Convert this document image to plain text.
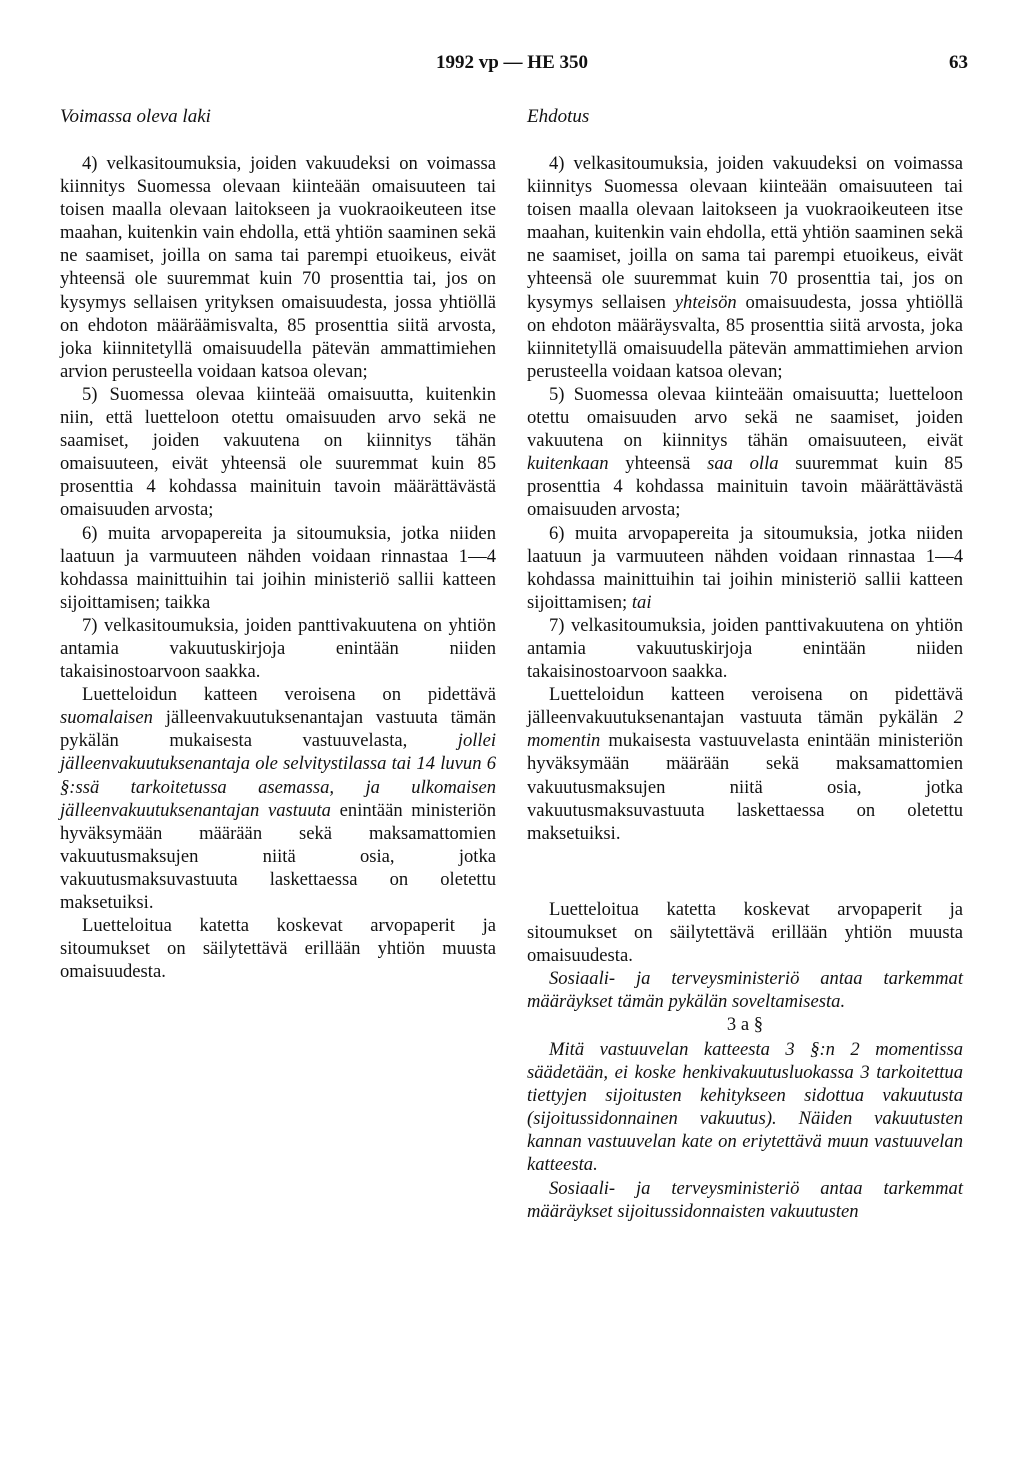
1992 vp — HE 350	63
Voimassa oleva laki	Ehdotus

4) velkasitoumuksia, joiden vakuudeksi on voimassa kiinnitys Suomessa olevaan kiinteään omaisuuteen tai toisen maalla olevaan laitokseen ja vuokraoikeuteen itse maahan, kuitenkin vain ehdolla, että yhtiön saaminen sekä ne saamiset, joilla on sama tai parempi etuoikeus, eivät yhteensä ole suuremmat kuin 70 prosenttia tai, jos on kysymys sellaisen yrityksen omaisuudesta, jossa yhtiöllä on ehdoton määräämisvalta, 85 prosenttia siitä arvosta, joka kiinnitetyllä omaisuudella pätevän ammattimiehen arvion perusteella voidaan katsoa olevan;

5) Suomessa olevaa kiinteää omaisuutta, kuitenkin niin, että luetteloon otettu omaisuuden arvo sekä ne saamiset, joiden vakuutena on kiinnitys tähän omaisuuteen, eivät yhteensä ole suuremmat kuin 85 prosenttia 4 kohdassa mainituin tavoin määrättävästä omaisuuden arvosta;

6) muita arvopapereita ja sitoumuksia, jotka niiden laatuun ja varmuuteen nähden voidaan rinnastaa 1—4 kohdassa mainittuihin tai joihin ministeriö sallii katteen sijoittamisen; taikka

7) velkasitoumuksia, joiden panttivakuutena on yhtiön antamia vakuutuskirjoja enintään niiden takaisinostoarvoon saakka.

Luetteloidun katteen veroisena on pidettävä suomalaisen jälleenvakuutuksenantajan vastuuta tämän pykälän mukaisesta vastuuvelasta,	jollei jälleenvakuutuksenantaja ole selvitystilassa tai 14 luvun 6 §:ssä tarkoitetussa asemassa, ja ulkomaisen jälleenvakuutuksenantajan vastuuta enintään ministeriön hyväksymään määrään sekä maksamattomien vakuutusmaksujen niitä osia, jotka vakuutusmaksuvastuuta laskettaessa on oletettu maksetuiksi.

Luetteloitua katetta koskevat arvopaperit ja sitoumukset on säilytettävä erillään yhtiön muusta omaisuudesta.

4) velkasitoumuksia, joiden vakuudeksi on voimassa kiinnitys Suomessa olevaan kiinteään omaisuuteen tai toisen maalla olevaan laitokseen ja vuokraoikeuteen itse maahan, kuitenkin vain ehdolla, että yhtiön saaminen sekä ne saamiset, joilla on sama tai parempi etuoikeus, eivät yhteensä ole suuremmat kuin 70 prosenttia tai, jos on kysymys sellaisen yhteisön omaisuudesta, jossa yhtiöllä on ehdoton määräysvalta, 85 prosenttia siitä arvosta, joka kiinnitetyllä omaisuudella pätevän ammattimiehen arvion perusteella voidaan katsoa olevan;

5) Suomessa olevaa kiinteään omaisuutta; luetteloon otettu omaisuuden arvo sekä ne saamiset, joiden vakuutena on kiinnitys tähän omaisuuteen, eivät kuitenkaan yhteensä saa olla suuremmat kuin 85 prosenttia 4 kohdassa mainituin tavoin määrättävästä omaisuuden arvosta;

6) muita arvopapereita ja sitoumuksia, jotka niiden laatuun ja varmuuteen nähden voidaan rinnastaa 1—4 kohdassa mainittuihin tai joihin ministeriö sallii katteen sijoittamisen; tai

7) velkasitoumuksia, joiden panttivakuutena on yhtiön antamia vakuutuskirjoja enintään niiden takaisinostoarvoon saakka.

Luetteloidun katteen veroisena on pidettävä jälleenvakuutuksenantajan vastuuta tämän pykälän 2 momentin mukaisesta vastuuvelasta enintään ministeriön hyväksymään määrään sekä maksamattomien vakuutusmaksujen niitä osia, jotka vakuutusmaksuvastuuta laskettaessa on oletettu maksetuiksi.

Luetteloitua katetta koskevat arvopaperit ja sitoumukset on säilytettävä erillään yhtiön muusta omaisuudesta.

Sosiaali- ja terveysministeriö antaa tarkemmat määräykset tämän pykälän soveltamisesta.

3 a §

Mitä vastuuvelan katteesta 3 §:n 2 momentissa säädetään, ei koske henkivakuutusluokassa 3 tarkoitettua tiettyjen sijoitusten kehitykseen sidottua vakuutusta (sijoitussidonnainen vakuutus). Näiden vakuutusten kannan vastuuvelan kate on eriytettävä muun vastuuvelan katteesta.

Sosiaali- ja terveysministeriö antaa tarkemmat määräykset sijoitussidonnaisten vakuutusten
